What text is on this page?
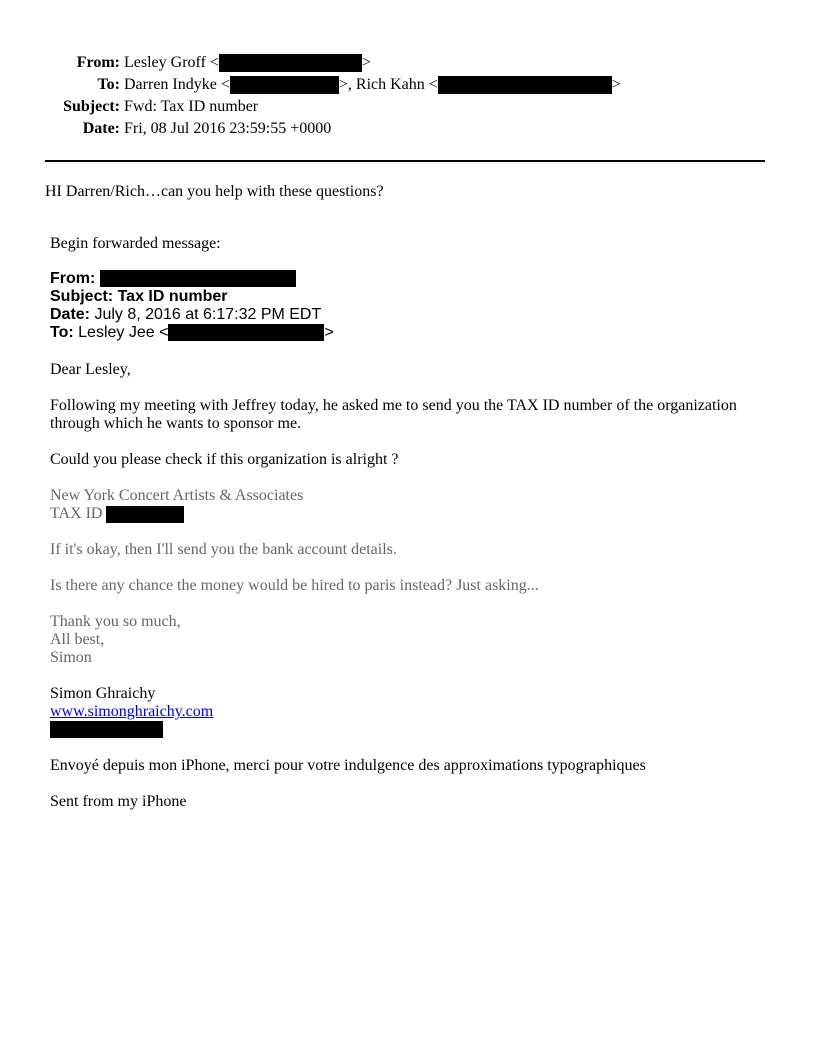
From: Lesley Groff <	>
To: Darren Indyke <	>, Rich Kahn <	>
Subject: Fwd: Tax ID number
Date: Fri, 08 Jul 2016 23:59:55 +0000
HI Darren/Rich…can you help with these questions?
Begin forwarded message:
From:
Subject: Tax ID number
Date: July 8, 2016 at 6:17:32 PM EDT
To: Lesley Jee <	>
Dear Lesley,
Following my meeting with Jeffrey today, he asked me to send you the TAX ID number of the organization
through which he wants to sponsor me.
Could you please check if this organization is alright ?
New York Concert Artists & Associates
TAX ID
If it's okay, then I'll send you the bank account details.
Is there any chance the money would be hired to paris instead? Just asking...
Thank you so much,
All best,
Simon
Simon Ghraichy
www.simonghraichy.com
Envoyé depuis mon iPhone, merci pour votre indulgence des approximations typographiques
Sent from my iPhone
